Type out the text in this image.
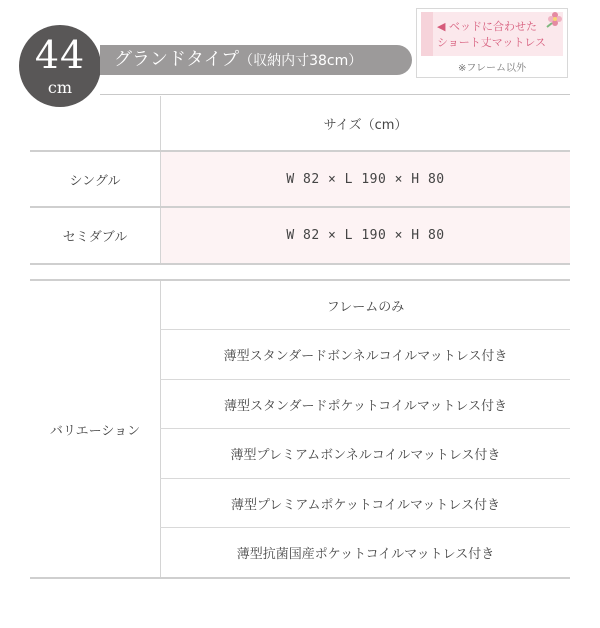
44
cm
グランドタイプ（収納内寸38cm）
◀ ベッドに合わせた
ショート丈マットレス
※フレーム以外
サイズ（cm）
シングル	W 82 × L 190 × H 80
セミダブル	W 82 × L 190 × H 80
バリエーション
フレームのみ
薄型スタンダードボンネルコイルマットレス付き
薄型スタンダードポケットコイルマットレス付き
薄型プレミアムボンネルコイルマットレス付き
薄型プレミアムポケットコイルマットレス付き
薄型抗菌国産ポケットコイルマットレス付き
